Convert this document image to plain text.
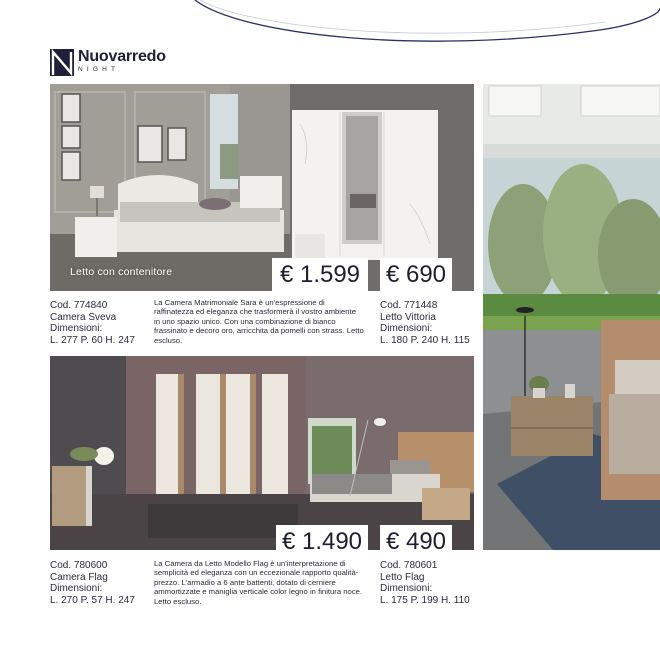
Nuovarredo
NIGHT
Letto con contenitore	€ 1.599	€ 690
€ 1.490 € 490
Cod. 774840
Camera Sveva
Dimensioni:
L. 277 P. 60 H. 247
La Camera Matrimoniale Sara è un'espressione di raffinatezza ed eleganza che trasformerà il vostro ambiente in uno spazio unico. Con una combinazione di bianco frassinato e decoro oro, arricchita da pomelli con strass. Letto escluso.
Cod. 771448
Letto Vittoria
Dimensioni:
L. 180 P. 240 H. 115
Cod. 780600
Camera Flag
Dimensioni:
L. 270 P. 57 H. 247
La Camera da Letto Modello Flag è un'interpretazione di semplicità ed eleganza con un eccezionale rapporto qualità-prezzo. L'armadio a 6 ante battenti, dotato di cerniere ammortizzate e maniglia verticale color legno in finitura noce. Letto escluso.
Cod. 780601
Letto Flag
Dimensioni:
L. 175 P. 199 H. 110
